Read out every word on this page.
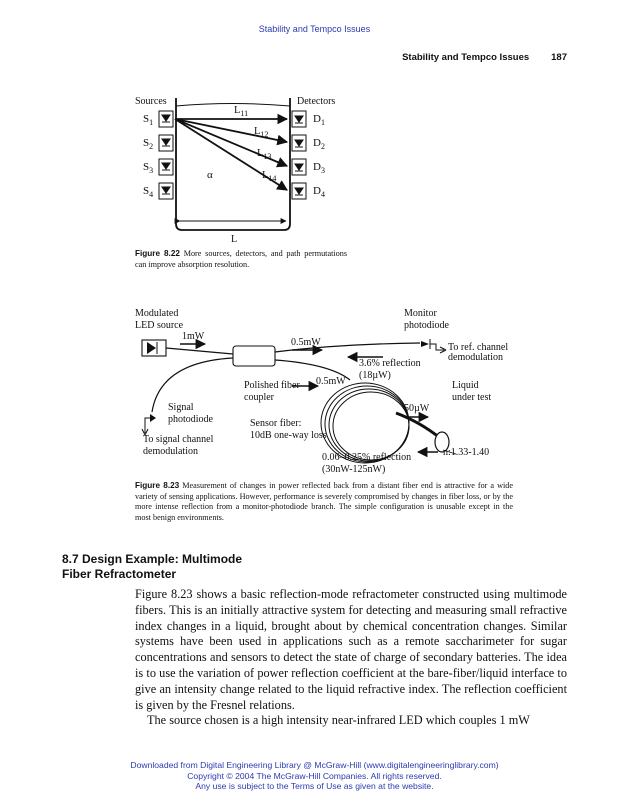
Stability and Tempco Issues
Stability and Tempco Issues 187
Sources	Detectors
$S_1$
$S_2$
$S_3$
$S_4$
$D_1$
$D_2$
$D_3$
$D_4$
$L_{11}$
$L_{12}$
$L_{13}$
$L_{14}$
α
L
Figure 8.22 More sources, detectors, and path permutations can improve absorption resolution.
Modulated
LED source
1mW
0.5mW
Monitor
photodiode
To ref. channel
demodulation
3.6% reflection
(18µW)
Polished fiber
coupler
0.5mW	Liquid
under test
Signal
photodiode	Sensor fiber:
10dB one-way loss
50µW
To signal channel
demodulation
0.06–0.25% reflection
(30nW-125nW)
n:1.33-1.40
Figure 8.23 Measurement of changes in power reflected back from a distant fiber end is attractive for a wide variety of sensing applications. However, performance is severely compromised by changes in fiber loss, or by the more intense reflection from a monitor-photodiode branch. The simple configuration is unusable except in the most benign environments.
8.7 Design Example: Multimode
Fiber Refractometer

Figure 8.23 shows a basic reflection-mode refractometer constructed using multimode fibers. This is an initially attractive system for detecting and measuring small refractive index changes in a liquid, brought about by chemical concentration changes. Similar systems have been used in applications such as a remote saccharimeter for sugar concentrations and sensors to detect the state of charge of secondary batteries. The idea is to use the variation of power reflection coefficient at the bare-fiber/liquid interface to give an intensity change related to the liquid refractive index. The reflection coefficient is given by the Fresnel relations.

The source chosen is a high intensity near-infrared LED which couples 1 mW

Downloaded from Digital Engineering Library @ McGraw-Hill (www.digitalengineeringlibrary.com)
Copyright © 2004 The McGraw-Hill Companies. All rights reserved.
Any use is subject to the Terms of Use as given at the website.
